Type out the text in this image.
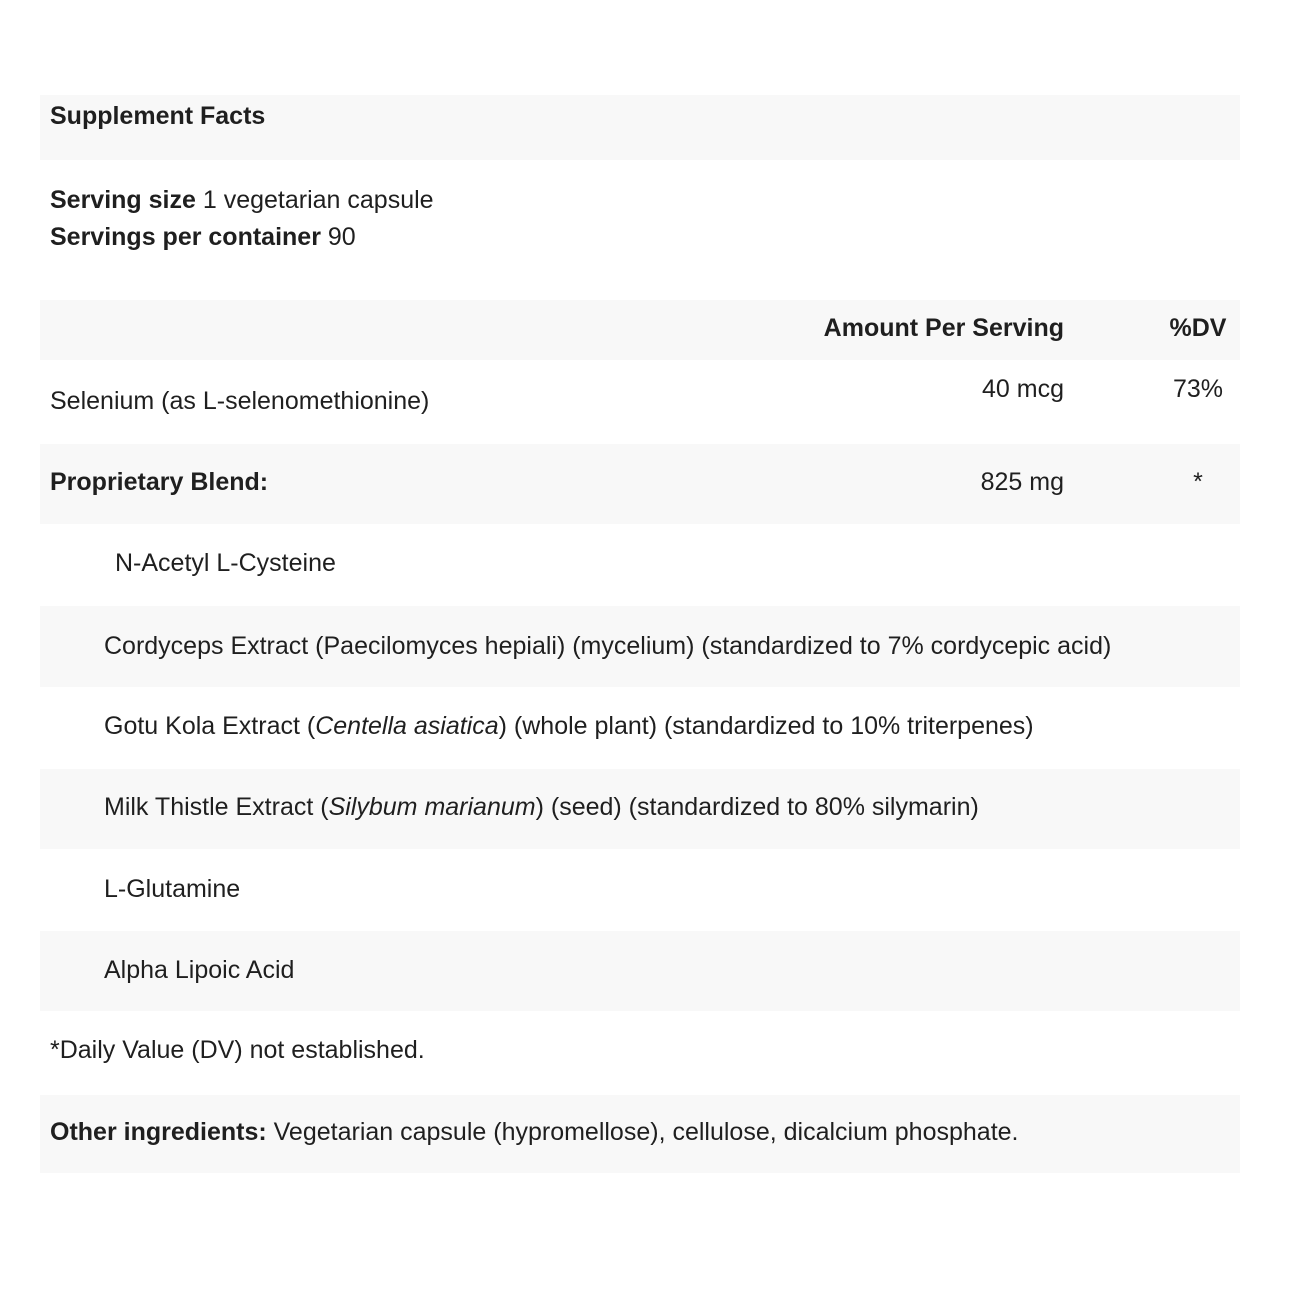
Supplement Facts
Serving size 1 vegetarian capsule
Servings per container 90
Amount Per Serving	%DV
Selenium (as L-selenomethionine)	40 mcg	73%
Proprietary Blend:	825 mg	*
N-Acetyl L-Cysteine
Cordyceps Extract (Paecilomyces hepiali) (mycelium) (standardized to 7% cordycepic acid)
Gotu Kola Extract (Centella asiatica) (whole plant) (standardized to 10% triterpenes)
Milk Thistle Extract (Silybum marianum) (seed) (standardized to 80% silymarin)
L-Glutamine
Alpha Lipoic Acid
*Daily Value (DV) not established.
Other ingredients: Vegetarian capsule (hypromellose), cellulose, dicalcium phosphate.
